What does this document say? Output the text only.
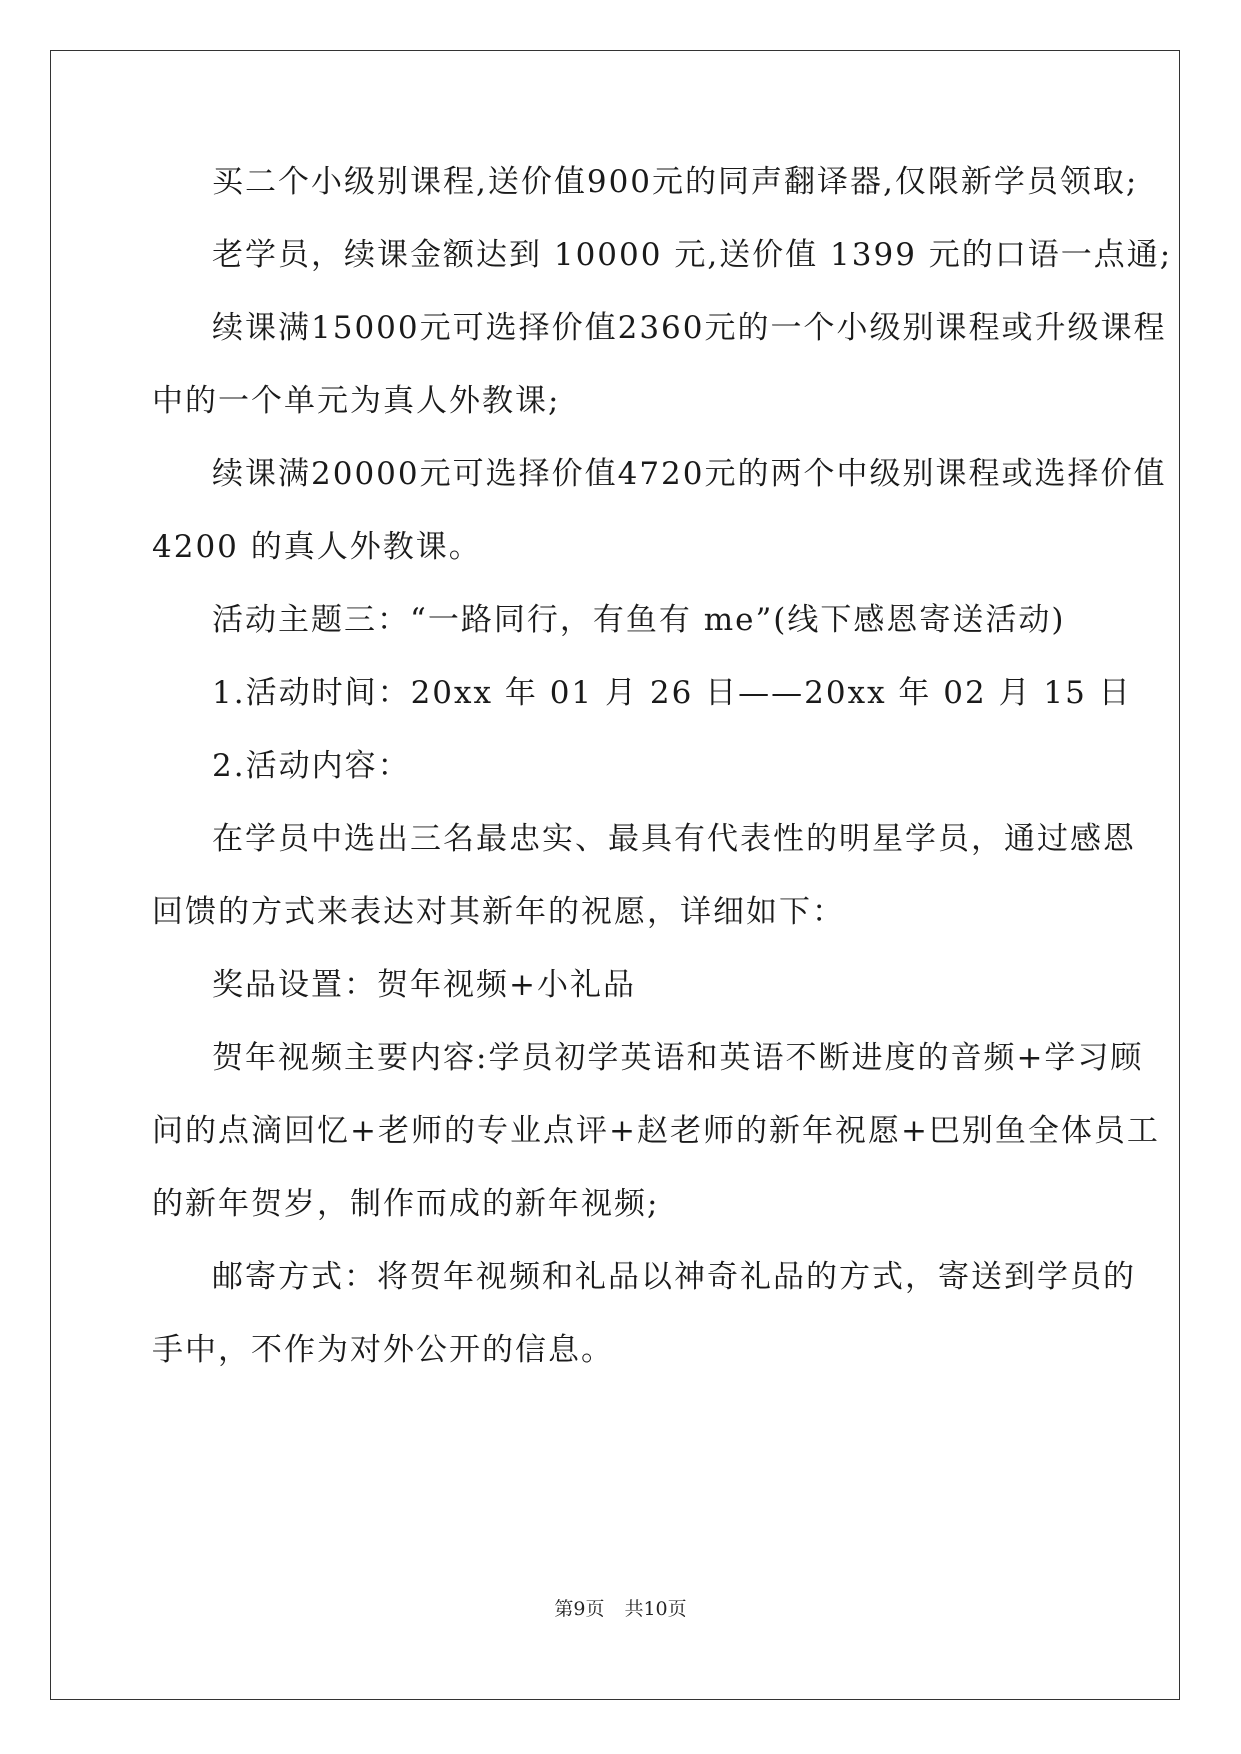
买二个小级别课程,送价值900元的同声翻译器,仅限新学员领取;
老学员，续课金额达到 10000 元,送价值 1399 元的口语一点通;
续课满15000元可选择价值2360元的一个小级别课程或升级课程
中的一个单元为真人外教课;
续课满20000元可选择价值4720元的两个中级别课程或选择价值
4200 的真人外教课。
活动主题三：“一路同行，有鱼有 me”(线下感恩寄送活动)
1.活动时间：20xx 年 01 月 26 日——20xx 年 02 月 15 日
2.活动内容：
在学员中选出三名最忠实、最具有代表性的明星学员，通过感恩
回馈的方式来表达对其新年的祝愿，详细如下：
奖品设置：贺年视频+小礼品
贺年视频主要内容:学员初学英语和英语不断进度的音频+学习顾
问的点滴回忆+老师的专业点评+赵老师的新年祝愿+巴别鱼全体员工
的新年贺岁，制作而成的新年视频;
邮寄方式：将贺年视频和礼品以神奇礼品的方式，寄送到学员的
手中，不作为对外公开的信息。
第9页 共10页
